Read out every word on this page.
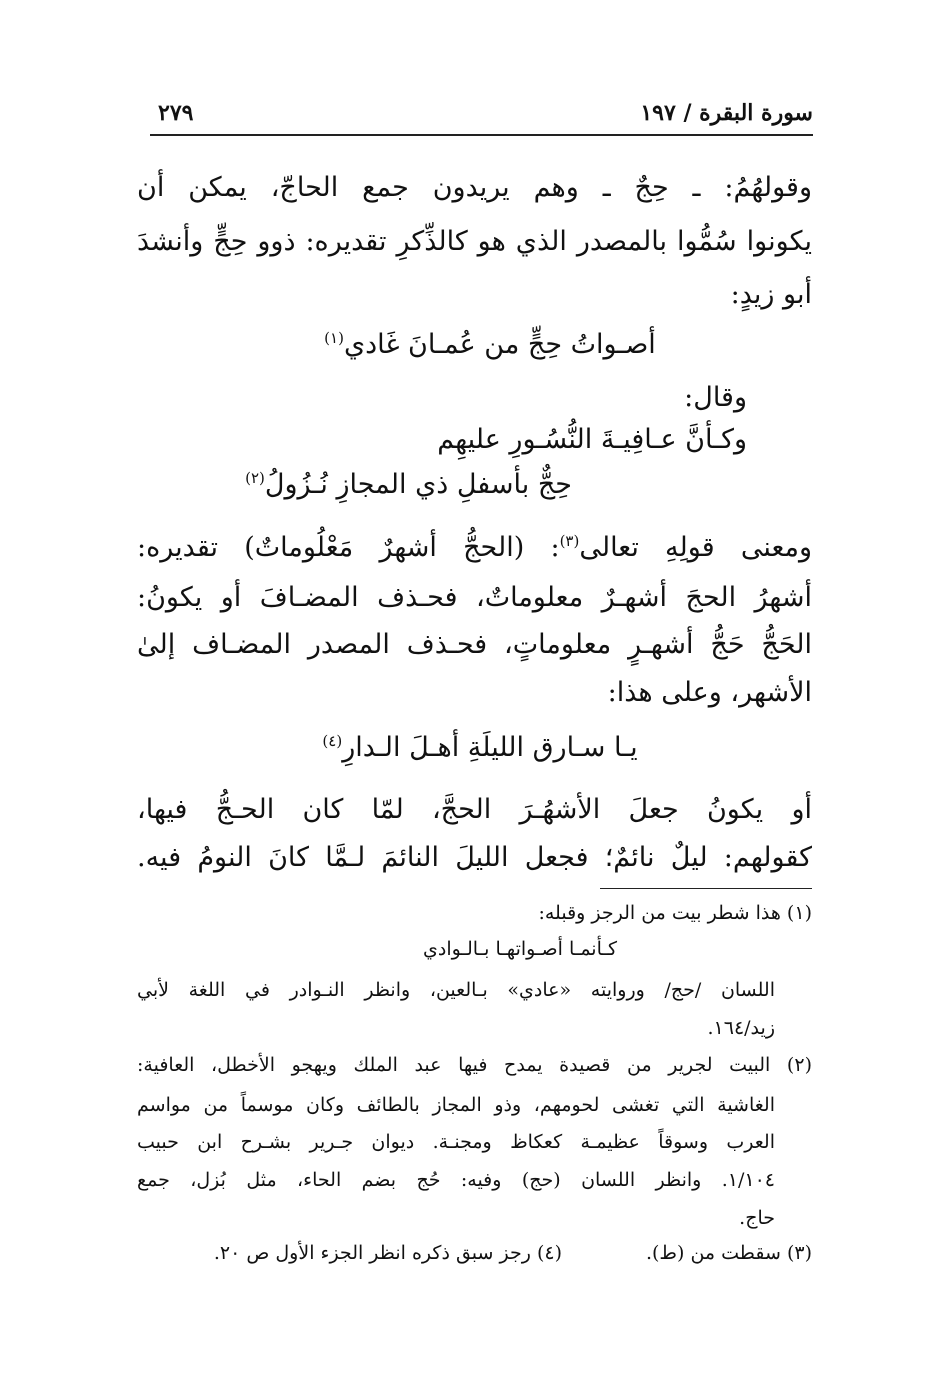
سورة البقرة / ١٩٧
٢٧٩
وقولهُمُ: ـ حِجٌ ـ وهم يريدون جمع الحاجّ، يمكن أن
يكونوا سُمُّوا بالمصدر الذي هو كالذِّكرِ تقديره: ذوو حِجٍّ وأنشدَ
أبو زيدٍ:
أصـواتُ حِجٍّ من عُمـانَ غَادي$^{(١)}$
وقال:
وكـأنَّ عـافِيـةَ النُّسُـورِ عليهِم
حِجٌّ بأسفلِ ذي المجازِ نُـزُولُ$^{(٢)}$
ومعنى قولِهِ تعالى$^{(٣)}$: (الحجُّ أشهرٌ مَعْلُوماتٌ) تقديره:
أشهرُ الحجَ أشهـرٌ معلوماتٌ، فحـذف المضـافَ أو يكونُ:
الحَجُّ حَجُّ أشهـرٍ معلوماتٍ، فحـذف المصدر المضـاف إلىٰ
الأشهر، وعلى هذا:
يـا سـارق الليلَةِ أهـلَ الـدارِ$^{(٤)}$
أو يكونُ جعلَ الأشهُـرَ الحجَّ، لمّا كان الحـجُّ فيها،
كقولهم: ليلٌ نائمٌ؛ فجعل الليلَ النائمَ لـمَّا كانَ النومُ فيه.
(١) هذا شطر بيت من الرجز وقبله:
كـأنمـا أصـواتهـا بـالـوادي
اللسان /حج/ وروايته «عادي» بـالعين، وانظر النـوادر في اللغة لأبي
زيد/١٦٤.
(٢) البيت لجرير من قصيدة يمدح فيها عبد الملك ويهجو الأخطل، العافية:
الغاشية التي تغشى لحومهم، وذو المجاز بالطائف وكان موسماً من مواسم
العرب وسوقاً عظيمـة كعكاظ ومجنـة. ديوان جـرير بشـرح ابن حبيب
١/١٠٤. وانظر اللسان (حج) وفيه: حُج بضم الحاء، مثل بُزل، جمع
حاج.
(٣) سقطت من (ط).
(٤) رجز سبق ذكره انظر الجزء الأول ص ٢٠.
